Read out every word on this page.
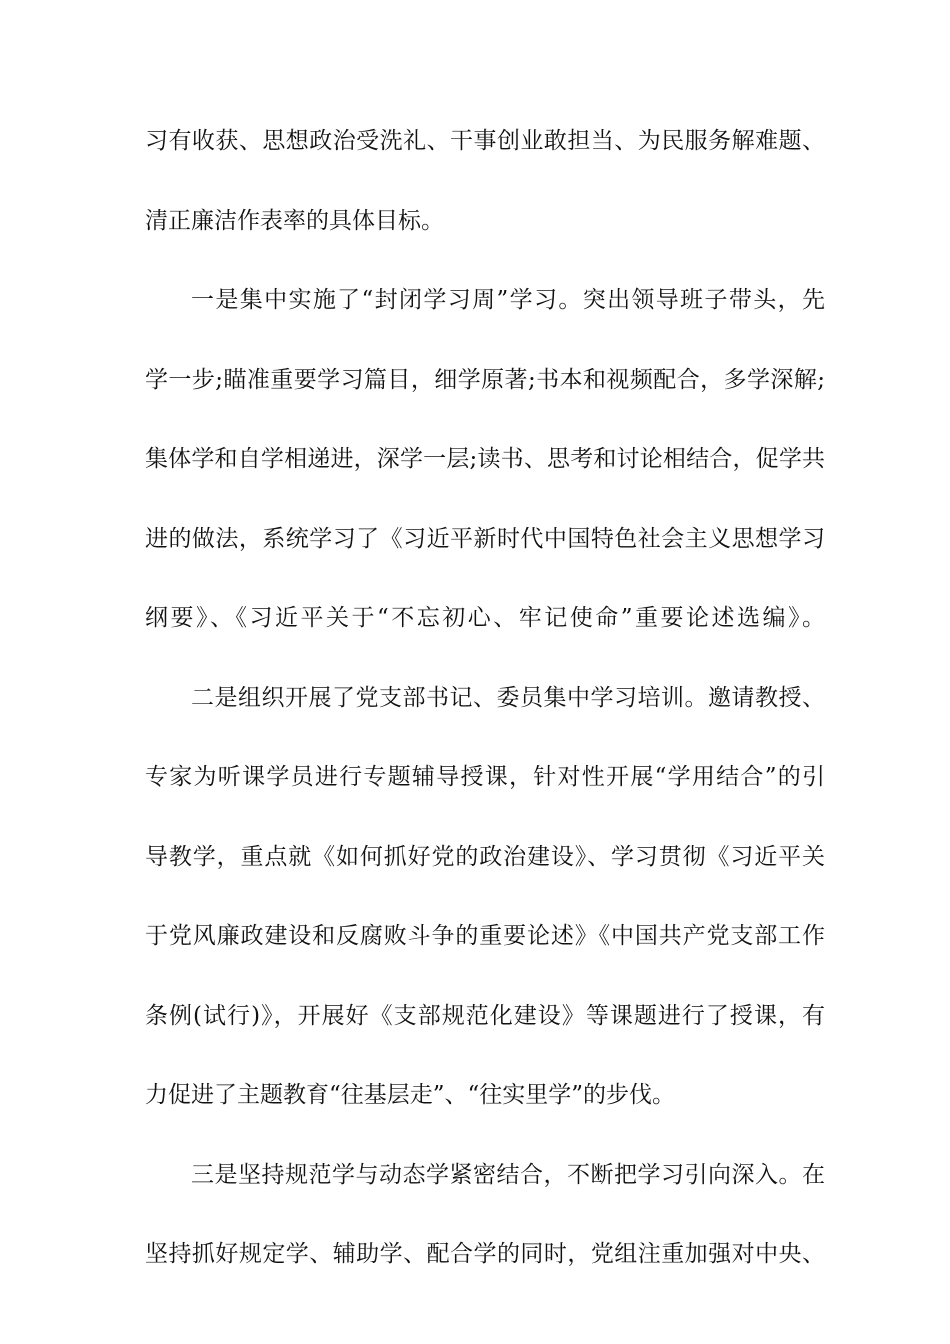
习有收获、思想政治受洗礼、干事创业敢担当、为民服务解难题、
清正廉洁作表率的具体目标。
一是集中实施了“封闭学习周”学习。突出领导班子带头，先
学一步;瞄准重要学习篇目，细学原著;书本和视频配合，多学深解;
集体学和自学相递进，深学一层;读书、思考和讨论相结合，促学共
进的做法，系统学习了《习近平新时代中国特色社会主义思想学习
纲要》、《习近平关于“不忘初心、牢记使命”重要论述选编》。
二是组织开展了党支部书记、委员集中学习培训。邀请教授、
专家为听课学员进行专题辅导授课，针对性开展“学用结合”的引
导教学，重点就《如何抓好党的政治建设》、学习贯彻《习近平关
于党风廉政建设和反腐败斗争的重要论述》《中国共产党支部工作
条例(试行)》，开展好《支部规范化建设》等课题进行了授课，有
力促进了主题教育“往基层走”、“往实里学”的步伐。
三是坚持规范学与动态学紧密结合，不断把学习引向深入。在
坚持抓好规定学、辅助学、配合学的同时，党组注重加强对中央、
